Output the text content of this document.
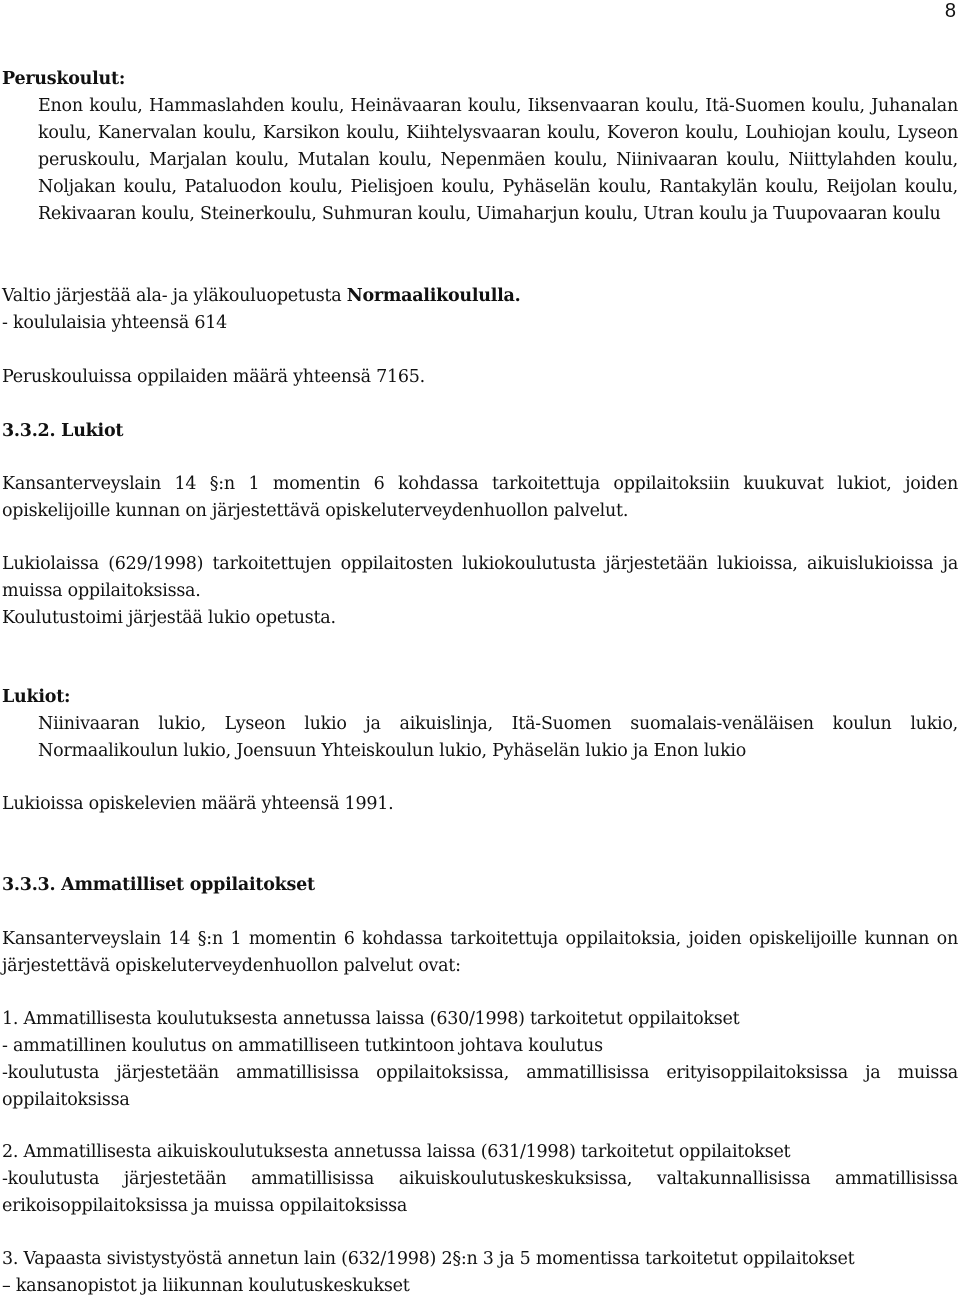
8

Peruskoulut:

Enon koulu, Hammaslahden koulu, Heinävaaran koulu, Iiksenvaaran koulu, Itä-Suomen koulu, Juhanalan koulu, Kanervalan koulu, Karsikon koulu, Kiihtelysvaaran koulu, Koveron koulu, Louhiojan koulu, Lyseon peruskoulu, Marjalan koulu, Mutalan koulu, Nepenmäen koulu, Niinivaaran koulu, Niittylahden koulu, Noljakan koulu, Pataluodon koulu, Pielisjoen koulu, Pyhäselän koulu, Rantakylän koulu, Reijolan koulu, Rekivaaran koulu, Steinerkoulu, Suhmuran koulu, Uimaharjun koulu, Utran koulu ja Tuupovaaran koulu

Valtio järjestää ala- ja yläkouluopetusta Normaalikoululla.

- koululaisia yhteensä 614

Peruskouluissa oppilaiden määrä yhteensä 7165.
3.3.2. Lukiot
Kansanterveyslain 14 §:n 1 momentin 6 kohdassa tarkoitettuja oppilaitoksiin kuukuvat lukiot, joiden opiskelijoille kunnan on järjestettävä opiskeluterveydenhuollon palvelut.

Lukiolaissa (629/1998) tarkoitettujen oppilaitosten lukiokoulutusta järjestetään lukioissa, aikuislukioissa ja muissa oppilaitoksissa.

Koulutustoimi järjestää lukio opetusta.

Lukiot:

Niinivaaran lukio, Lyseon lukio ja aikuislinja, Itä-Suomen suomalais-venäläisen koulun lukio, Normaalikoulun lukio, Joensuun Yhteiskoulun lukio, Pyhäselän lukio ja Enon lukio

Lukioissa opiskelevien määrä yhteensä 1991.
3.3.3. Ammatilliset oppilaitokset
Kansanterveyslain 14 §:n 1 momentin 6 kohdassa tarkoitettuja oppilaitoksia, joiden opiskelijoille kunnan on järjestettävä opiskeluterveydenhuollon palvelut ovat:

1. Ammatillisesta koulutuksesta annetussa laissa (630/1998) tarkoitetut oppilaitokset

- ammatillinen koulutus on ammatilliseen tutkintoon johtava koulutus

-koulutusta järjestetään ammatillisissa oppilaitoksissa, ammatillisissa erityisoppilaitoksissa ja muissa oppilaitoksissa

2. Ammatillisesta aikuiskoulutuksesta annetussa laissa (631/1998) tarkoitetut oppilaitokset

-koulutusta järjestetään ammatillisissa aikuiskoulutuskeskuksissa, valtakunnallisissa ammatillisissa erikoisoppilaitoksissa ja muissa oppilaitoksissa

3. Vapaasta sivistystyöstä annetun lain (632/1998) 2§:n 3 ja 5 momentissa tarkoitetut oppilaitokset

– kansanopistot ja liikunnan koulutuskeskukset
